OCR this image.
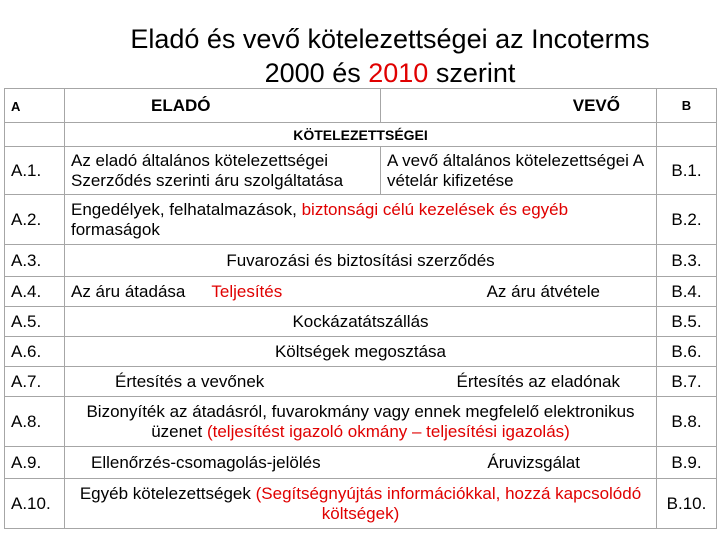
Eladó és vevő kötelezettségei az Incoterms
2000 és 2010 szerint
A	ELADÓ	VEVŐ	B
	KÖTELEZETTSÉGEI		
A.1.	Az eladó általános kötelezettségei Szerződés szerinti áru szolgáltatása	A vevő általános kötelezettségei A vételár kifizetése	B.1.
A.2.	Engedélyek, felhatalmazások, biztonsági célú kezelések és egyéb formaságok		B.2.
A.3.	Fuvarozási és biztosítási szerződés		B.3.
A.4.	Az áru átadása Teljesítés Az áru átvétele		B.4.
A.5.	Kockázatátszállás		B.5.
A.6.	Költségek megosztása		B.6.
A.7.	Értesítés a vevőnek Értesítés az eladónak		B.7.
A.8.	Bizonyíték az átadásról, fuvarokmány vagy ennek megfelelő elektronikus üzenet (teljesítést igazoló okmány – teljesítési igazolás)		B.8.
A.9.	Ellenőrzés-csomagolás-jelölés Áruvizsgálat		B.9.
A.10.	Egyéb kötelezettségek (Segítségnyújtás információkkal, hozzá kapcsolódó költségek)		B.10.
